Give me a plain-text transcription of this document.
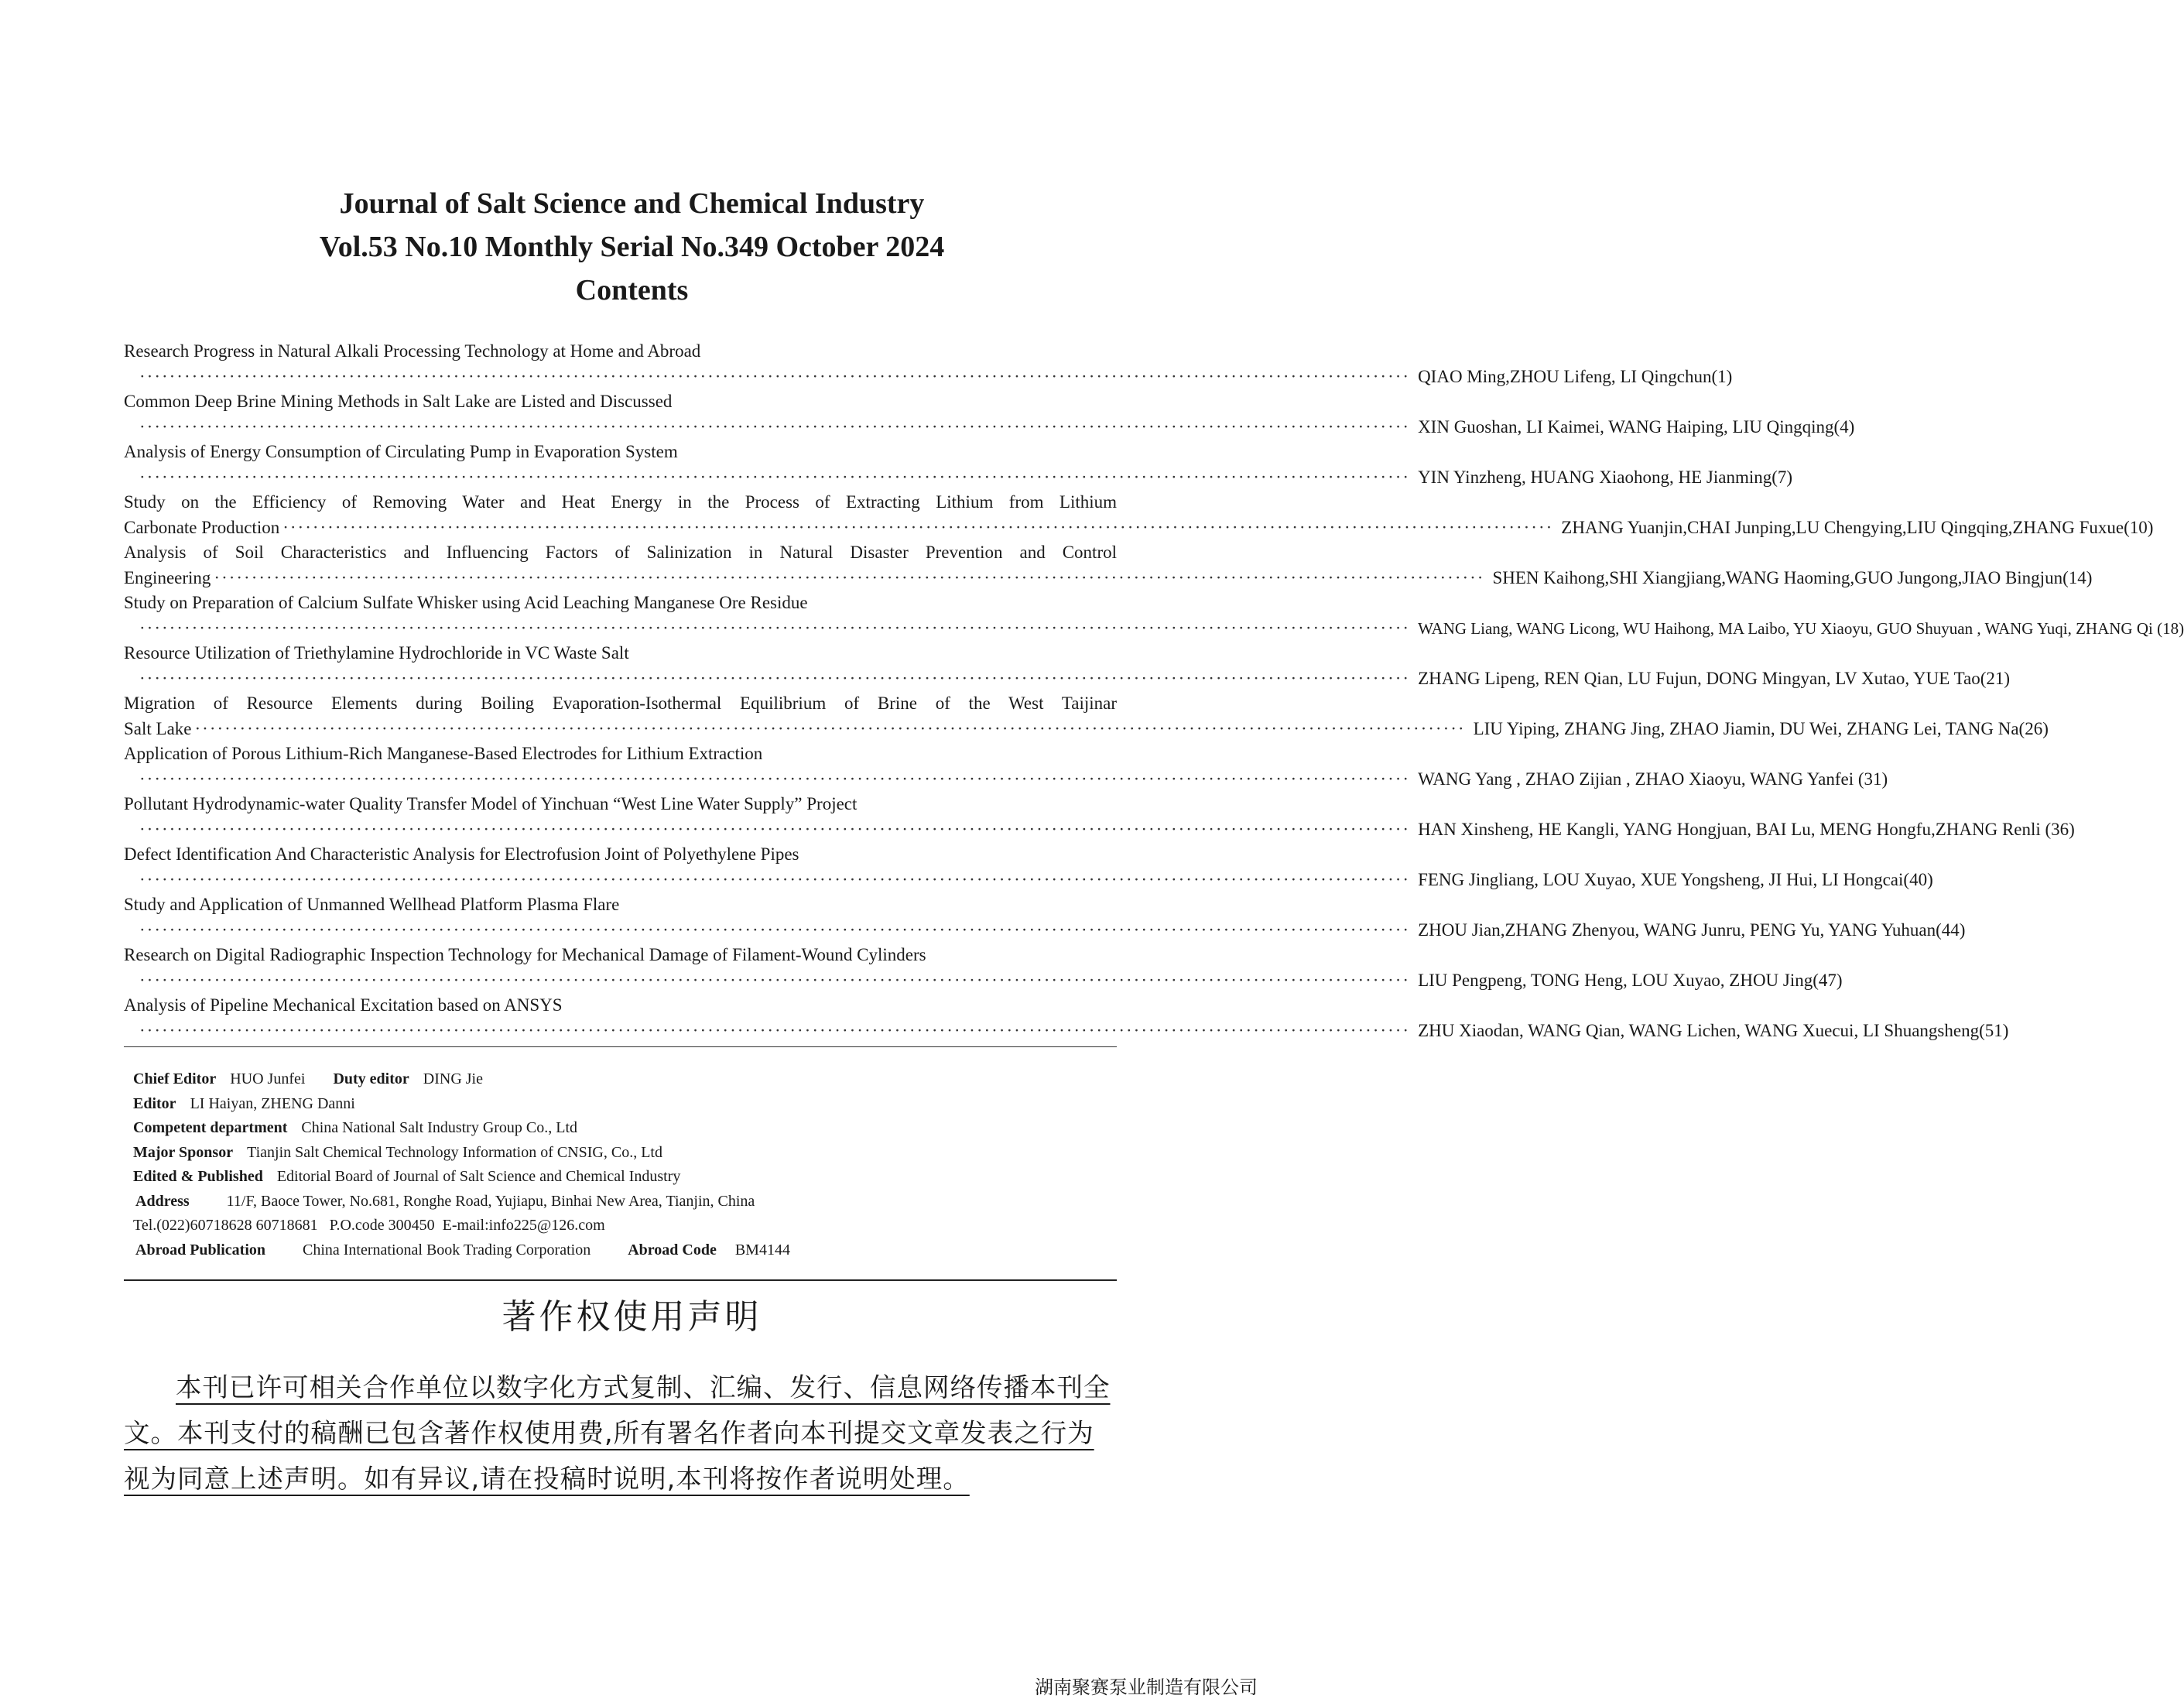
Journal of Salt Science and Chemical Industry
Vol.53 No.10 Monthly Serial No.349 October 2024
Contents
Research Progress in Natural Alkali Processing Technology at Home and Abroad
·········································································································································································· QIAO Ming,ZHOU Lifeng, LI Qingchun(1)
Common Deep Brine Mining Methods in Salt Lake are Listed and Discussed
·········································································································································································· XIN Guoshan, LI Kaimei, WANG Haiping, LIU Qingqing(4)
Analysis of Energy Consumption of Circulating Pump in Evaporation System
·········································································································································································· YIN Yinzheng, HUANG Xiaohong, HE Jianming(7)
Study on the Efficiency of Removing Water and Heat Energy in the Process of Extracting Lithium from Lithium
Carbonate Production ·········································································································································································· ZHANG Yuanjin,CHAI Junping,LU Chengying,LIU Qingqing,ZHANG Fuxue(10)
Analysis of Soil Characteristics and Influencing Factors of Salinization in Natural Disaster Prevention and Control
Engineering ·········································································································································································· SHEN Kaihong,SHI Xiangjiang,WANG Haoming,GUO Jungong,JIAO Bingjun(14)
Study on Preparation of Calcium Sulfate Whisker using Acid Leaching Manganese Ore Residue
·········································································································································································· WANG Liang, WANG Licong, WU Haihong, MA Laibo, YU Xiaoyu, GUO Shuyuan , WANG Yuqi, ZHANG Qi (18)
Resource Utilization of Triethylamine Hydrochloride in VC Waste Salt
·········································································································································································· ZHANG Lipeng, REN Qian, LU Fujun, DONG Mingyan, LV Xutao, YUE Tao(21)
Migration of Resource Elements during Boiling Evaporation-Isothermal Equilibrium of Brine of the West Taijinar
Salt Lake ·········································································································································································· LIU Yiping, ZHANG Jing, ZHAO Jiamin, DU Wei, ZHANG Lei, TANG Na(26)
Application of Porous Lithium-Rich Manganese-Based Electrodes for Lithium Extraction
·········································································································································································· WANG Yang , ZHAO Zijian , ZHAO Xiaoyu, WANG Yanfei (31)
Pollutant Hydrodynamic-water Quality Transfer Model of Yinchuan “West Line Water Supply” Project
·········································································································································································· HAN Xinsheng, HE Kangli, YANG Hongjuan, BAI Lu, MENG Hongfu,ZHANG Renli (36)
Defect Identification And Characteristic Analysis for Electrofusion Joint of Polyethylene Pipes
·········································································································································································· FENG Jingliang, LOU Xuyao, XUE Yongsheng, JI Hui, LI Hongcai(40)
Study and Application of Unmanned Wellhead Platform Plasma Flare
·········································································································································································· ZHOU Jian,ZHANG Zhenyou, WANG Junru, PENG Yu, YANG Yuhuan(44)
Research on Digital Radiographic Inspection Technology for Mechanical Damage of Filament-Wound Cylinders
·········································································································································································· LIU Pengpeng, TONG Heng, LOU Xuyao, ZHOU Jing(47)
Analysis of Pipeline Mechanical Excitation based on ANSYS
·········································································································································································· ZHU Xiaodan, WANG Qian, WANG Lichen, WANG Xuecui, LI Shuangsheng(51)
Chief Editor HUO Junfei Duty editor DING Jie
Editor LI Haiyan, ZHENG Danni
Competent department China National Salt Industry Group Co., Ltd
Major Sponsor Tianjin Salt Chemical Technology Information of CNSIG, Co., Ltd
Edited & Published Editorial Board of Journal of Salt Science and Chemical Industry
Address 11/F, Baoce Tower, No.681, Ronghe Road, Yujiapu, Binhai New Area, Tianjin, China
Tel.(022)60718628 60718681   P.O.code 300450  E-mail:info225@126.com
Abroad Publication China International Book Trading Corporation Abroad Code BM4144
著作权使用声明

本刊已许可相关合作单位以数字化方式复制、汇编、发行、信息网络传播本刊全文。本刊支付的稿酬已包含著作权使用费,所有署名作者向本刊提交文章发表之行为视为同意上述声明。如有异议,请在投稿时说明,本刊将按作者说明处理。

湖南聚赛泵业制造有限公司
